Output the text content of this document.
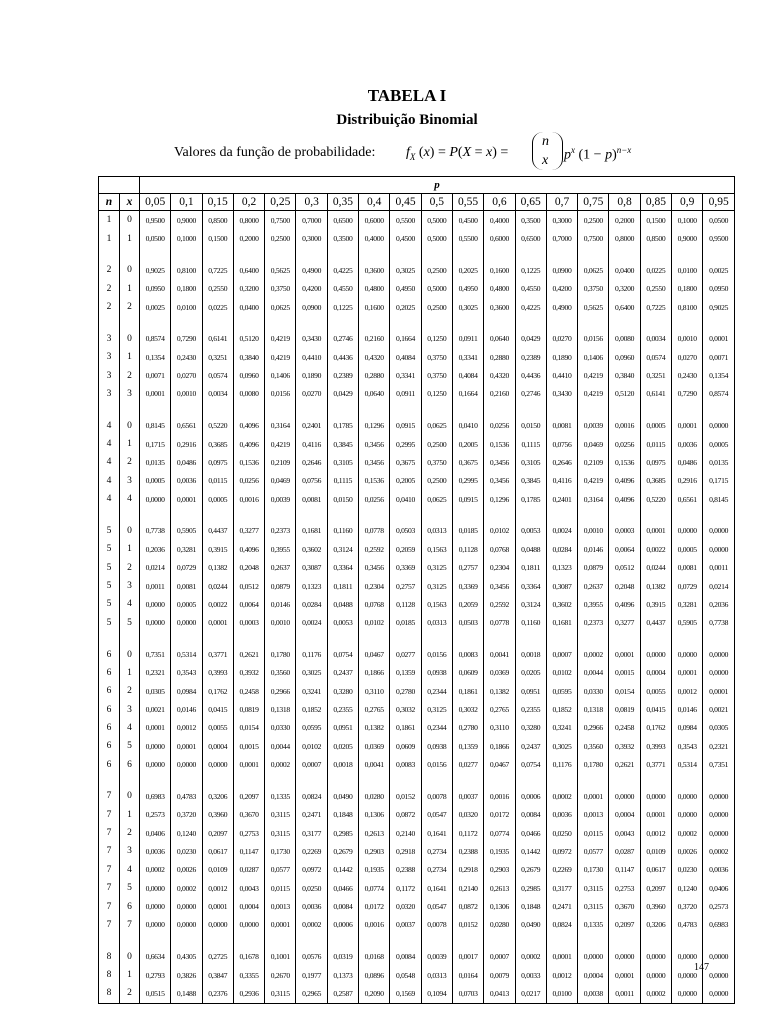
TABELA I
Distribuição Binomial
Valores da função de probabilidade: $f_X$ (x) = P(X = x) =
n
x $p^x$ $(1 - p)^{n-x}$
		p																		
n	x	0,05	0,1	0,15	0,2	0,25	0,3	0,35	0,4	0,45	0,5	0,55	0,6	0,65	0,7	0,75	0,8	0,85	0,9	0,95
1	0	0,9500	0,9000	0,8500	0,8000	0,7500	0,7000	0,6500	0,6000	0,5500	0,5000	0,4500	0,4000	0,3500	0,3000	0,2500	0,2000	0,1500	0,1000	0,0500
1	1	0,0500	0,1000	0,1500	0,2000	0,2500	0,3000	0,3500	0,4000	0,4500	0,5000	0,5500	0,6000	0,6500	0,7000	0,7500	0,8000	0,8500	0,9000	0,9500

2	0	0,9025	0,8100	0,7225	0,6400	0,5625	0,4900	0,4225	0,3600	0,3025	0,2500	0,2025	0,1600	0,1225	0,0900	0,0625	0,0400	0,0225	0,0100	0,0025
2	1	0,0950	0,1800	0,2550	0,3200	0,3750	0,4200	0,4550	0,4800	0,4950	0,5000	0,4950	0,4800	0,4550	0,4200	0,3750	0,3200	0,2550	0,1800	0,0950
2	2	0,0025	0,0100	0,0225	0,0400	0,0625	0,0900	0,1225	0,1600	0,2025	0,2500	0,3025	0,3600	0,4225	0,4900	0,5625	0,6400	0,7225	0,8100	0,9025

3	0	0,8574	0,7290	0,6141	0,5120	0,4219	0,3430	0,2746	0,2160	0,1664	0,1250	0,0911	0,0640	0,0429	0,0270	0,0156	0,0080	0,0034	0,0010	0,0001
3	1	0,1354	0,2430	0,3251	0,3840	0,4219	0,4410	0,4436	0,4320	0,4084	0,3750	0,3341	0,2880	0,2389	0,1890	0,1406	0,0960	0,0574	0,0270	0,0071
3	2	0,0071	0,0270	0,0574	0,0960	0,1406	0,1890	0,2389	0,2880	0,3341	0,3750	0,4084	0,4320	0,4436	0,4410	0,4219	0,3840	0,3251	0,2430	0,1354
3	3	0,0001	0,0010	0,0034	0,0080	0,0156	0,0270	0,0429	0,0640	0,0911	0,1250	0,1664	0,2160	0,2746	0,3430	0,4219	0,5120	0,6141	0,7290	0,8574

4	0	0,8145	0,6561	0,5220	0,4096	0,3164	0,2401	0,1785	0,1296	0,0915	0,0625	0,0410	0,0256	0,0150	0,0081	0,0039	0,0016	0,0005	0,0001	0,0000
4	1	0,1715	0,2916	0,3685	0,4096	0,4219	0,4116	0,3845	0,3456	0,2995	0,2500	0,2005	0,1536	0,1115	0,0756	0,0469	0,0256	0,0115	0,0036	0,0005
4	2	0,0135	0,0486	0,0975	0,1536	0,2109	0,2646	0,3105	0,3456	0,3675	0,3750	0,3675	0,3456	0,3105	0,2646	0,2109	0,1536	0,0975	0,0486	0,0135
4	3	0,0005	0,0036	0,0115	0,0256	0,0469	0,0756	0,1115	0,1536	0,2005	0,2500	0,2995	0,3456	0,3845	0,4116	0,4219	0,4096	0,3685	0,2916	0,1715
4	4	0,0000	0,0001	0,0005	0,0016	0,0039	0,0081	0,0150	0,0256	0,0410	0,0625	0,0915	0,1296	0,1785	0,2401	0,3164	0,4096	0,5220	0,6561	0,8145

5	0	0,7738	0,5905	0,4437	0,3277	0,2373	0,1681	0,1160	0,0778	0,0503	0,0313	0,0185	0,0102	0,0053	0,0024	0,0010	0,0003	0,0001	0,0000	0,0000
5	1	0,2036	0,3281	0,3915	0,4096	0,3955	0,3602	0,3124	0,2592	0,2059	0,1563	0,1128	0,0768	0,0488	0,0284	0,0146	0,0064	0,0022	0,0005	0,0000
5	2	0,0214	0,0729	0,1382	0,2048	0,2637	0,3087	0,3364	0,3456	0,3369	0,3125	0,2757	0,2304	0,1811	0,1323	0,0879	0,0512	0,0244	0,0081	0,0011
5	3	0,0011	0,0081	0,0244	0,0512	0,0879	0,1323	0,1811	0,2304	0,2757	0,3125	0,3369	0,3456	0,3364	0,3087	0,2637	0,2048	0,1382	0,0729	0,0214
5	4	0,0000	0,0005	0,0022	0,0064	0,0146	0,0284	0,0488	0,0768	0,1128	0,1563	0,2059	0,2592	0,3124	0,3602	0,3955	0,4096	0,3915	0,3281	0,2036
5	5	0,0000	0,0000	0,0001	0,0003	0,0010	0,0024	0,0053	0,0102	0,0185	0,0313	0,0503	0,0778	0,1160	0,1681	0,2373	0,3277	0,4437	0,5905	0,7738

6	0	0,7351	0,5314	0,3771	0,2621	0,1780	0,1176	0,0754	0,0467	0,0277	0,0156	0,0083	0,0041	0,0018	0,0007	0,0002	0,0001	0,0000	0,0000	0,0000
6	1	0,2321	0,3543	0,3993	0,3932	0,3560	0,3025	0,2437	0,1866	0,1359	0,0938	0,0609	0,0369	0,0205	0,0102	0,0044	0,0015	0,0004	0,0001	0,0000
6	2	0,0305	0,0984	0,1762	0,2458	0,2966	0,3241	0,3280	0,3110	0,2780	0,2344	0,1861	0,1382	0,0951	0,0595	0,0330	0,0154	0,0055	0,0012	0,0001
6	3	0,0021	0,0146	0,0415	0,0819	0,1318	0,1852	0,2355	0,2765	0,3032	0,3125	0,3032	0,2765	0,2355	0,1852	0,1318	0,0819	0,0415	0,0146	0,0021
6	4	0,0001	0,0012	0,0055	0,0154	0,0330	0,0595	0,0951	0,1382	0,1861	0,2344	0,2780	0,3110	0,3280	0,3241	0,2966	0,2458	0,1762	0,0984	0,0305
6	5	0,0000	0,0001	0,0004	0,0015	0,0044	0,0102	0,0205	0,0369	0,0609	0,0938	0,1359	0,1866	0,2437	0,3025	0,3560	0,3932	0,3993	0,3543	0,2321
6	6	0,0000	0,0000	0,0000	0,0001	0,0002	0,0007	0,0018	0,0041	0,0083	0,0156	0,0277	0,0467	0,0754	0,1176	0,1780	0,2621	0,3771	0,5314	0,7351

7	0	0,6983	0,4783	0,3206	0,2097	0,1335	0,0824	0,0490	0,0280	0,0152	0,0078	0,0037	0,0016	0,0006	0,0002	0,0001	0,0000	0,0000	0,0000	0,0000
7	1	0,2573	0,3720	0,3960	0,3670	0,3115	0,2471	0,1848	0,1306	0,0872	0,0547	0,0320	0,0172	0,0084	0,0036	0,0013	0,0004	0,0001	0,0000	0,0000
7	2	0,0406	0,1240	0,2097	0,2753	0,3115	0,3177	0,2985	0,2613	0,2140	0,1641	0,1172	0,0774	0,0466	0,0250	0,0115	0,0043	0,0012	0,0002	0,0000
7	3	0,0036	0,0230	0,0617	0,1147	0,1730	0,2269	0,2679	0,2903	0,2918	0,2734	0,2388	0,1935	0,1442	0,0972	0,0577	0,0287	0,0109	0,0026	0,0002
7	4	0,0002	0,0026	0,0109	0,0287	0,0577	0,0972	0,1442	0,1935	0,2388	0,2734	0,2918	0,2903	0,2679	0,2269	0,1730	0,1147	0,0617	0,0230	0,0036
7	5	0,0000	0,0002	0,0012	0,0043	0,0115	0,0250	0,0466	0,0774	0,1172	0,1641	0,2140	0,2613	0,2985	0,3177	0,3115	0,2753	0,2097	0,1240	0,0406
7	6	0,0000	0,0000	0,0001	0,0004	0,0013	0,0036	0,0084	0,0172	0,0320	0,0547	0,0872	0,1306	0,1848	0,2471	0,3115	0,3670	0,3960	0,3720	0,2573
7	7	0,0000	0,0000	0,0000	0,0000	0,0001	0,0002	0,0006	0,0016	0,0037	0,0078	0,0152	0,0280	0,0490	0,0824	0,1335	0,2097	0,3206	0,4783	0,6983

8	0	0,6634	0,4305	0,2725	0,1678	0,1001	0,0576	0,0319	0,0168	0,0084	0,0039	0,0017	0,0007	0,0002	0,0001	0,0000	0,0000	0,0000	0,0000	0,0000
8	1	0,2793	0,3826	0,3847	0,3355	0,2670	0,1977	0,1373	0,0896	0,0548	0,0313	0,0164	0,0079	0,0033	0,0012	0,0004	0,0001	0,0000	0,0000	0,0000
8	2	0,0515	0,1488	0,2376	0,2936	0,3115	0,2965	0,2587	0,2090	0,1569	0,1094	0,0703	0,0413	0,0217	0,0100	0,0038	0,0011	0,0002	0,0000	0,0000
147
